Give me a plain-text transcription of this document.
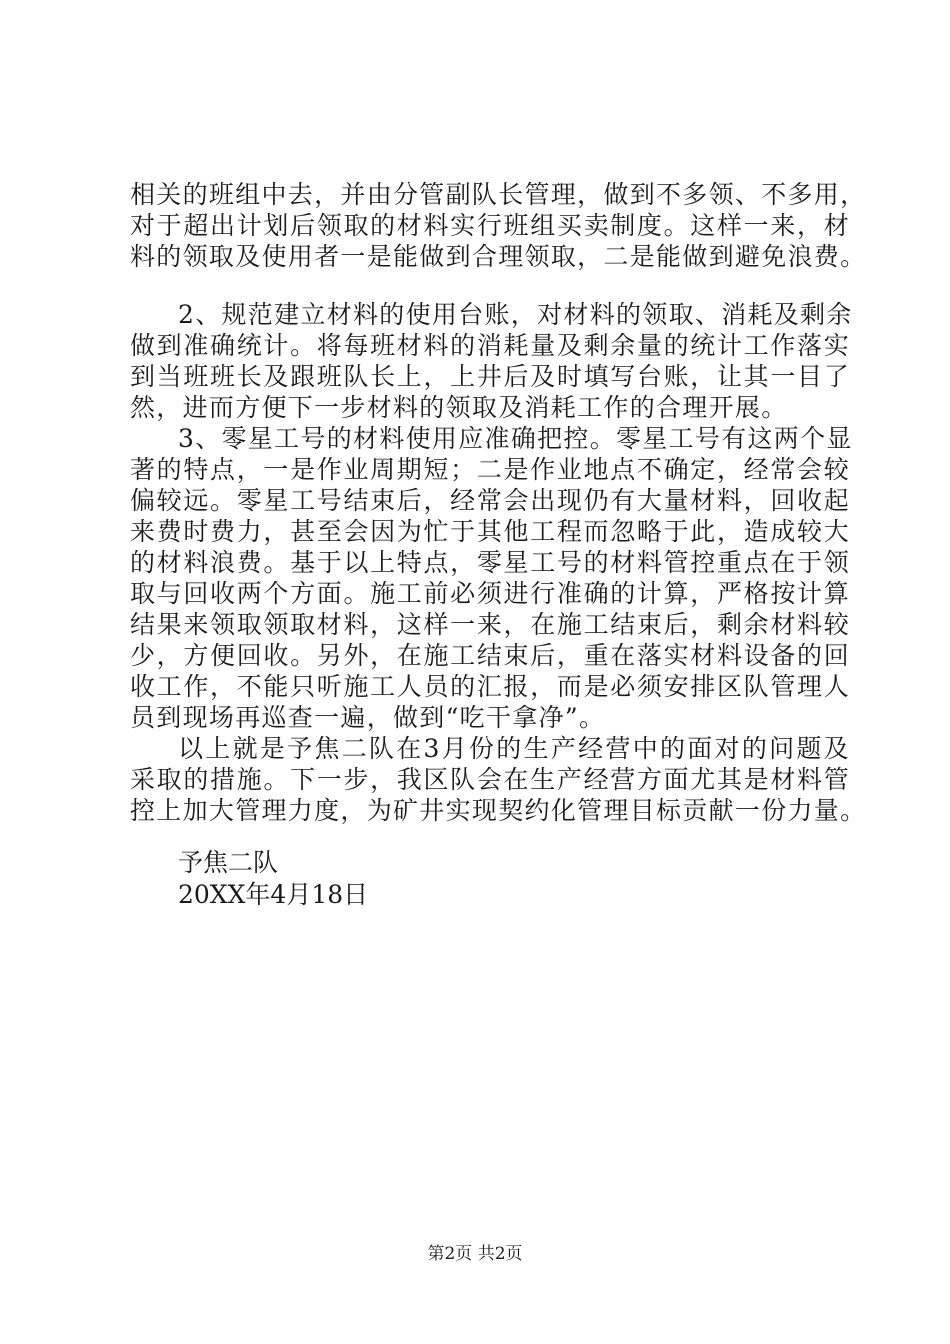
相关的班组中去，并由分管副队长管理，做到不多领、不多用，
对于超出计划后领取的材料实行班组买卖制度。这样一来，材
料的领取及使用者一是能做到合理领取，二是能做到避免浪费。
2、规范建立材料的使用台账，对材料的领取、消耗及剩余
做到准确统计。将每班材料的消耗量及剩余量的统计工作落实
到当班班长及跟班队长上，上井后及时填写台账，让其一目了
然，进而方便下一步材料的领取及消耗工作的合理开展。
3、零星工号的材料使用应准确把控。零星工号有这两个显
著的特点，一是作业周期短；二是作业地点不确定，经常会较
偏较远。零星工号结束后，经常会出现仍有大量材料，回收起
来费时费力，甚至会因为忙于其他工程而忽略于此，造成较大
的材料浪费。基于以上特点，零星工号的材料管控重点在于领
取与回收两个方面。施工前必须进行准确的计算，严格按计算
结果来领取领取材料，这样一来，在施工结束后，剩余材料较
少，方便回收。另外，在施工结束后，重在落实材料设备的回
收工作，不能只听施工人员的汇报，而是必须安排区队管理人
员到现场再巡查一遍，做到“吃干拿净”。
以上就是予焦二队在3月份的生产经营中的面对的问题及
采取的措施。下一步，我区队会在生产经营方面尤其是材料管
控上加大管理力度，为矿井实现契约化管理目标贡献一份力量。
予焦二队
20XX年4月18日
第2页 共2页
